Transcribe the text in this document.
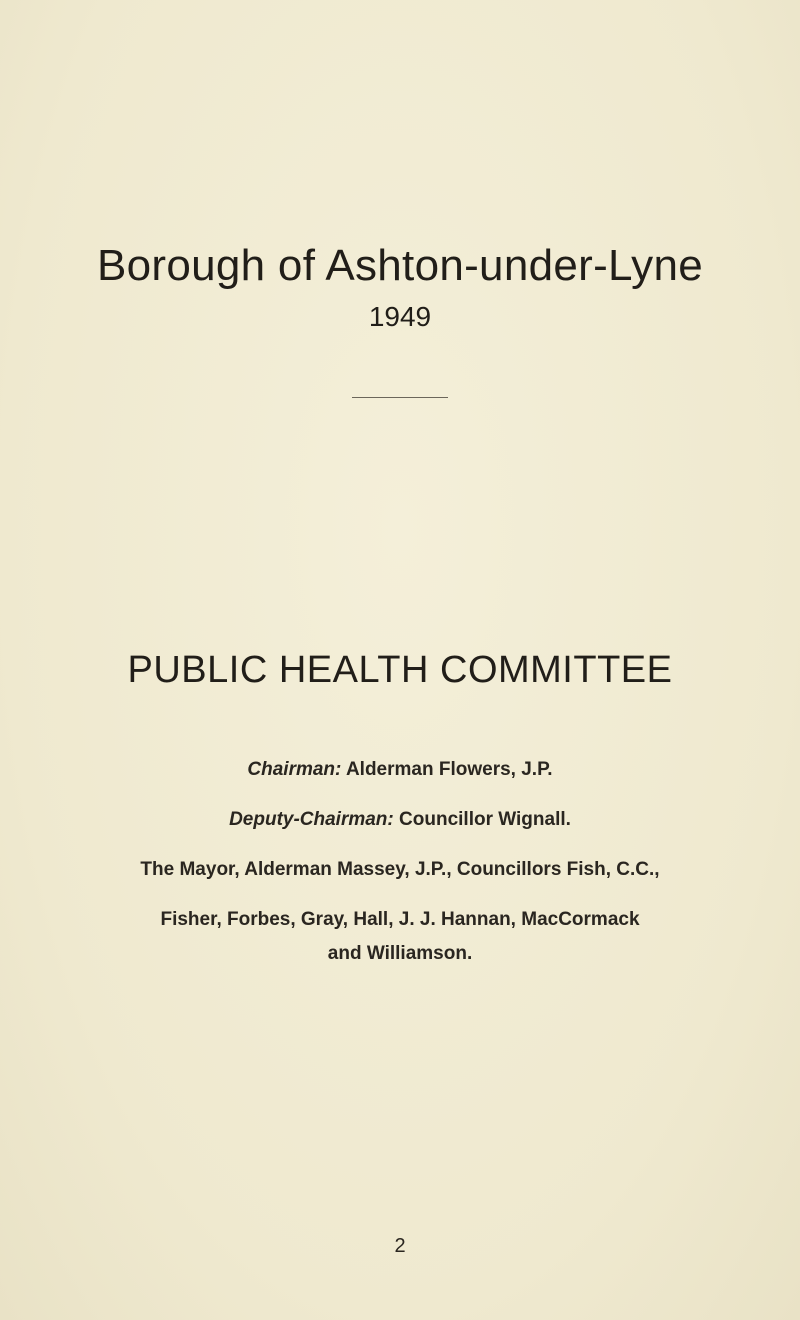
Borough of Ashton-under-Lyne
1949
PUBLIC HEALTH COMMITTEE
Chairman: Alderman Flowers, J.P.
Deputy-Chairman: Councillor Wignall.
The Mayor, Alderman Massey, J.P., Councillors Fish, C.C.,
Fisher, Forbes, Gray, Hall, J. J. Hannan, MacCormack
and Williamson.
2
